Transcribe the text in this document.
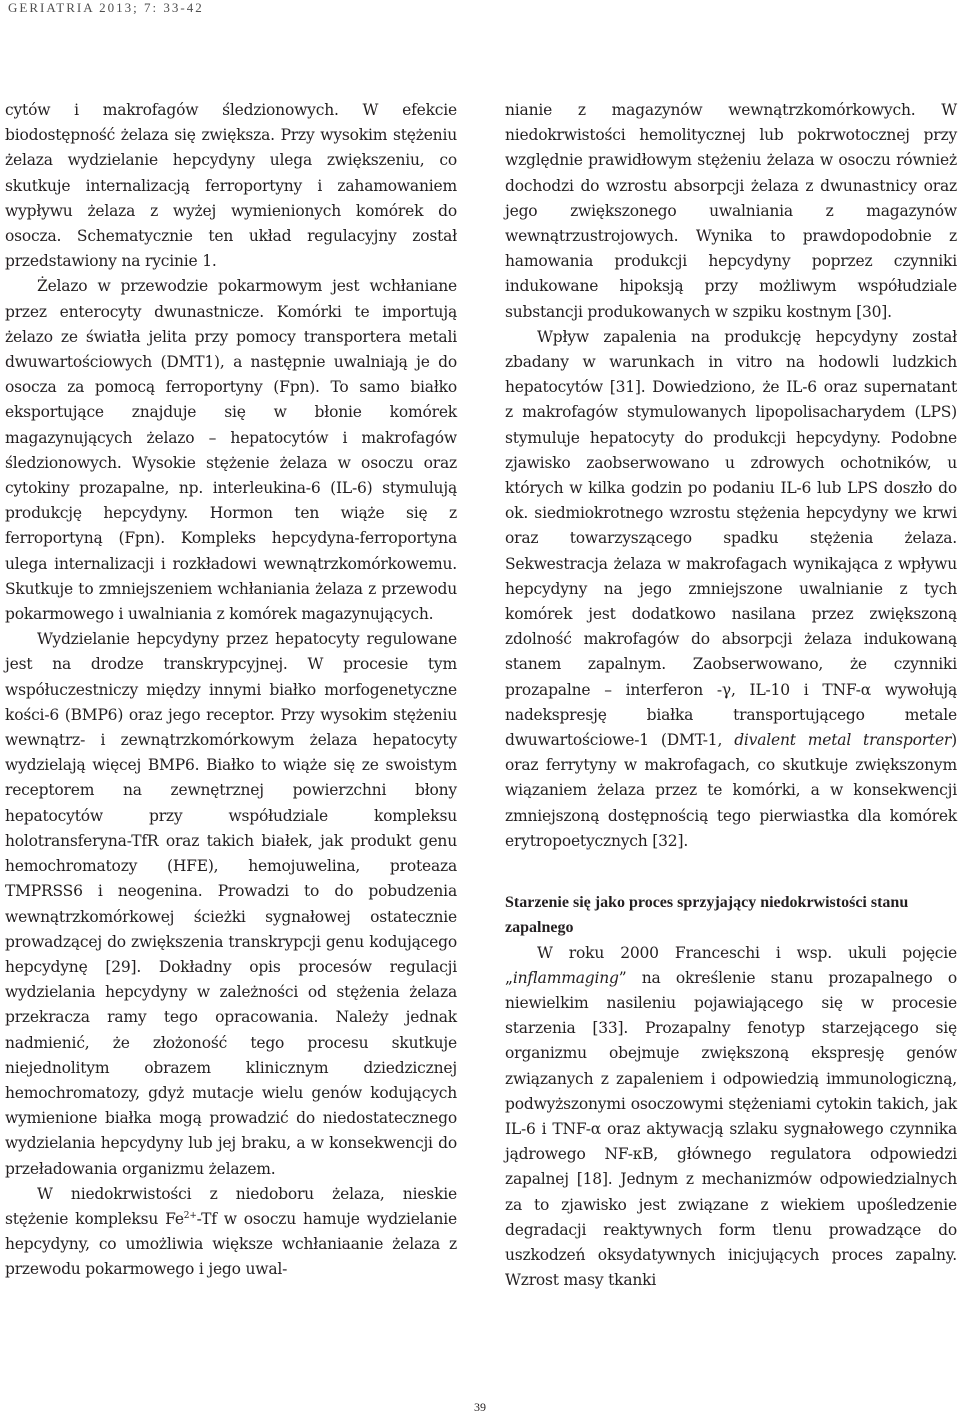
GERIATRIA 2013; 7: 33-42

cytów i makrofagów śledzionowych. W efekcie biodostępność żelaza się zwiększa. Przy wysokim stężeniu żelaza wydzielanie hepcydyny ulega zwiększeniu, co skutkuje internalizacją ferroportyny i zahamowaniem wypływu żelaza z wyżej wymienionych komórek do osocza. Schematycznie ten układ regulacyjny został przedstawiony na rycinie 1.

Żelazo w przewodzie pokarmowym jest wchłaniane przez enterocyty dwunastnicze. Komórki te importują żelazo ze światła jelita przy pomocy transportera metali dwuwartościowych (DMT1), a następnie uwalniają je do osocza za pomocą ferroportyny (Fpn). To samo białko eksportujące znajduje się w błonie komórek magazynujących żelazo – hepatocytów i makrofagów śledzionowych. Wysokie stężenie żelaza w osoczu oraz cytokiny prozapalne, np. interleukina-6 (IL-6) stymulują produkcję hepcydyny. Hormon ten wiąże się z ferroportyną (Fpn). Kompleks hepcydyna-ferroportyna ulega internalizacji i rozkładowi wewnątrzkomórkowemu. Skutkuje to zmniejszeniem wchłaniania żelaza z przewodu pokarmowego i uwalniania z komórek magazynujących.

Wydzielanie hepcydyny przez hepatocyty regulowane jest na drodze transkrypcyjnej. W procesie tym współuczestniczy między innymi białko morfogenetyczne kości-6 (BMP6) oraz jego receptor. Przy wysokim stężeniu wewnątrz- i zewnątrzkomórkowym żelaza hepatocyty wydzielają więcej BMP6. Białko to wiąże się ze swoistym receptorem na zewnętrznej powierzchni błony hepatocytów przy współudziale kompleksu holotransferyna-TfR oraz takich białek, jak produkt genu hemochromatozy (HFE), hemojuwelina, proteaza TMPRSS6 i neogenina. Prowadzi to do pobudzenia wewnątrzkomórkowej ścieżki sygnałowej ostatecznie prowadzącej do zwiększenia transkrypcji genu kodującego hepcydynę [29]. Dokładny opis procesów regulacji wydzielania hepcydyny w zależności od stężenia żelaza przekracza ramy tego opracowania. Należy jednak nadmienić, że złożoność tego procesu skutkuje niejednolitym obrazem klinicznym dziedzicznej hemochromatozy, gdyż mutacje wielu genów kodujących wymienione białka mogą prowadzić do niedostatecznego wydzielania hepcydyny lub jej braku, a w konsekwencji do przeładowania organizmu żelazem.

W niedokrwistości z niedoboru żelaza, nieskie stężenie kompleksu $Fe^{2+}-Tf$ w osoczu hamuje wydzielanie hepcydyny, co umożliwia większe wchłaniaanie żelaza z przewodu pokarmowego i jego uwal-

nianie z magazynów wewnątrzkomórkowych. W niedokrwistości hemolitycznej lub pokrwotocznej przy względnie prawidłowym stężeniu żelaza w osoczu również dochodzi do wzrostu absorpcji żelaza z dwunastnicy oraz jego zwiększonego uwalniania z magazynów wewnątrzustrojowych. Wynika to prawdopodobnie z hamowania produkcji hepcydyny poprzez czynniki indukowane hipoksją przy możliwym współudziale substancji produkowanych w szpiku kostnym [30].

Wpływ zapalenia na produkcję hepcydyny został zbadany w warunkach in vitro na hodowli ludzkich hepatocytów [31]. Dowiedziono, że IL-6 oraz supernatant z makrofagów stymulowanych lipopolisacharydem (LPS) stymuluje hepatocyty do produkcji hepcydyny. Podobne zjawisko zaobserwowano u zdrowych ochotników, u których w kilka godzin po podaniu IL-6 lub LPS doszło do ok. siedmiokrotnego wzrostu stężenia hepcydyny we krwi oraz towarzyszącego spadku stężenia żelaza. Sekwestracja żelaza w makrofagach wynikająca z wpływu hepcydyny na jego zmniejszone uwalnianie z tych komórek jest dodatkowo nasilana przez zwiększoną zdolność makrofagów do absorpcji żelaza indukowaną stanem zapalnym. Zaobserwowano, że czynniki prozapalne – interferon -γ, IL-10 i TNF-α wywołują nadekspresję białka transportującego metale dwuwartościowe-1 (DMT-1, divalent metal transporter) oraz ferrytyny w makrofagach, co skutkuje zwiększonym wiązaniem żelaza przez te komórki, a w konsekwencji zmniejszoną dostępnością tego pierwiastka dla komórek erytropoetycznych [32].

Starzenie się jako proces sprzyjający niedokrwistości stanu zapalnego

W roku 2000 Franceschi i wsp. ukuli pojęcie „inflammaging” na określenie stanu prozapalnego o niewielkim nasileniu pojawiającego się w procesie starzenia [33]. Prozapalny fenotyp starzejącego się organizmu obejmuje zwiększoną ekspresję genów związanych z zapaleniem i odpowiedzią immunologiczną, podwyższonymi osoczowymi stężeniami cytokin takich, jak IL-6 i TNF-α oraz aktywacją szlaku sygnałowego czynnika jądrowego NF-κB, głównego regulatora odpowiedzi zapalnej [18]. Jednym z mechanizmów odpowiedzialnych za to zjawisko jest związane z wiekiem upośledzenie degradacji reaktywnych form tlenu prowadzące do uszkodzeń oksydatywnych inicjujących proces zapalny. Wzrost masy tkanki

39
